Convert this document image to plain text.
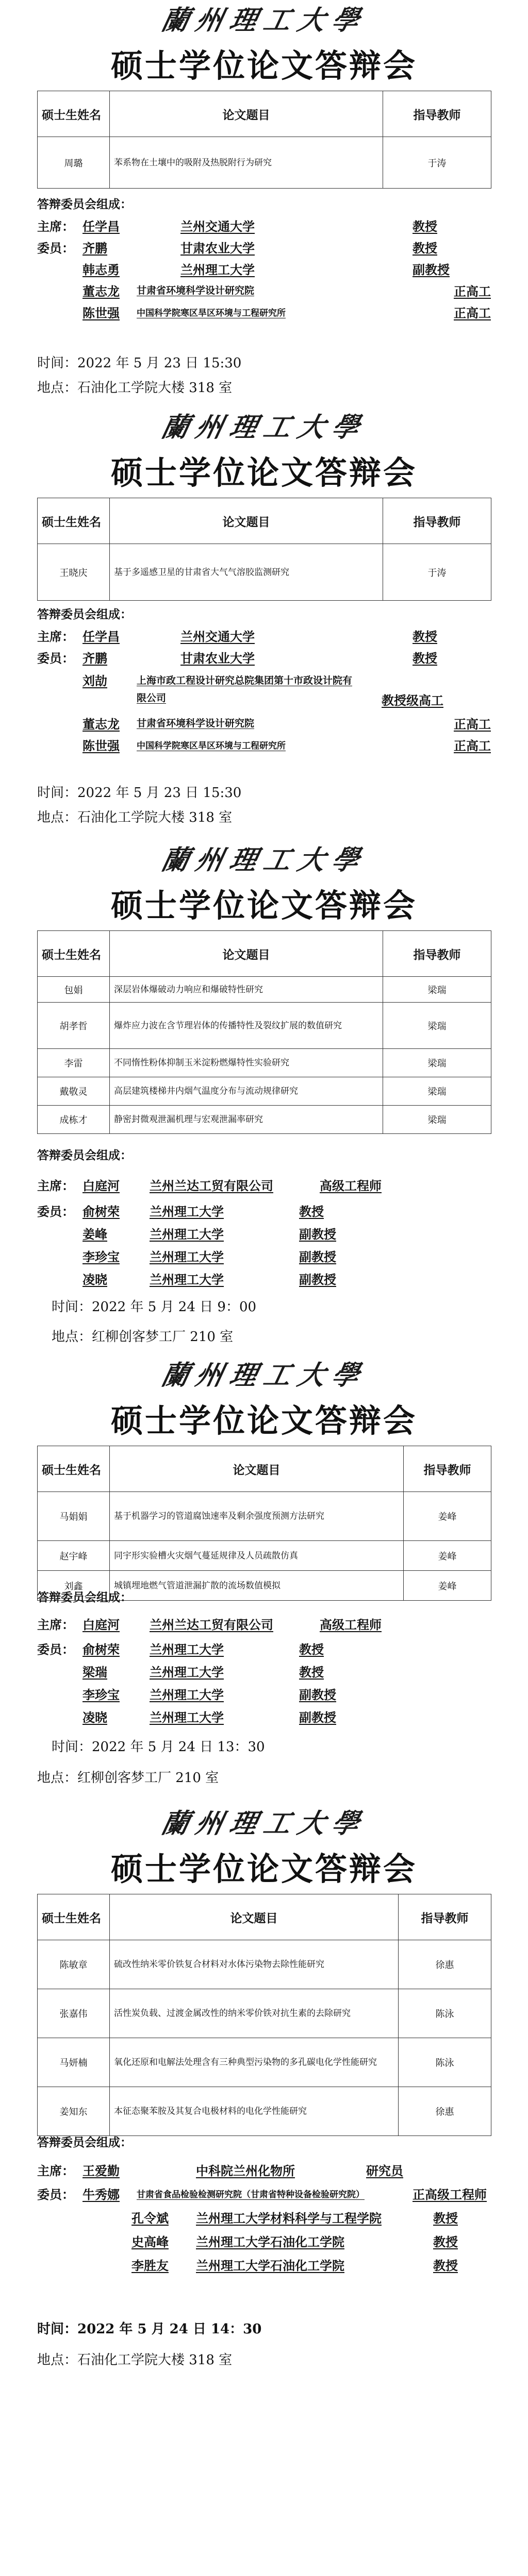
蘭州理工大學
硕士学位论文答辩会
硕士生姓名	论文题目	指导教师
周璐	苯系物在土壤中的吸附及热脱附行为研究	于涛
答辩委员会组成：
主席： 任学昌	兰州交通大学	教授
委员： 齐鹏	甘肃农业大学	教授
韩志勇	兰州理工大学	副教授
董志龙 甘肃省环境科学设计研究院	正高工
陈世强 中国科学院寒区旱区环境与工程研究所	正高工
时间：2022 年 5 月 23 日 15:30
地点：石油化工学院大楼 318 室
蘭州理工大學
硕士学位论文答辩会
硕士生姓名	论文题目	指导教师
王晓庆	基于多遥感卫星的甘肃省大气气溶胶监测研究	于涛
答辩委员会组成：
主席： 任学昌	兰州交通大学	教授
委员： 齐鹏	甘肃农业大学	教授
刘劼	上海市政工程设计研究总院集团第十市政设计院有限公司	教授级高工
董志龙 甘肃省环境科学设计研究院	正高工
陈世强 中国科学院寒区旱区环境与工程研究所	正高工
时间：2022 年 5 月 23 日 15:30
地点：石油化工学院大楼 318 室
蘭州理工大學
硕士学位论文答辩会
硕士生姓名	论文题目	指导教师
包娟	深层岩体爆破动力响应和爆破特性研究	梁瑞
胡孝哲	爆炸应力波在含节理岩体的传播特性及裂纹扩展的数值研究	梁瑞
李雷	不同惰性粉体抑制玉米淀粉燃爆特性实验研究	梁瑞
戴敬灵	高层建筑楼梯井内烟气温度分布与流动规律研究	梁瑞
成栋才	静密封微观泄漏机理与宏观泄漏率研究	梁瑞
答辩委员会组成：
主席： 白庭河 兰州兰达工贸有限公司	高级工程师
委员： 俞树荣 兰州理工大学	教授
姜峰	兰州理工大学	副教授
李珍宝 兰州理工大学	副教授
凌晓	兰州理工大学	副教授
时间：2022 年 5 月 24 日 9：00
地点：红柳创客梦工厂 210 室
蘭州理工大學
硕士学位论文答辩会
硕士生姓名	论文题目	指导教师
马娟娟	基于机器学习的管道腐蚀速率及剩余强度预测方法研究	姜峰
赵宇峰	同宇形实验槽火灾烟气蔓延规律及人员疏散仿真	姜峰
刘鑫	城镇埋地燃气管道泄漏扩散的流场数值模拟	姜峰
答辩委员会组成：
主席： 白庭河 兰州兰达工贸有限公司	高级工程师
委员： 俞树荣 兰州理工大学	教授
梁瑞	兰州理工大学	教授
李珍宝 兰州理工大学	副教授
凌晓	兰州理工大学	副教授
时间：2022 年 5 月 24 日 13：30
地点：红柳创客梦工厂 210 室
蘭州理工大學
硕士学位论文答辩会
硕士生姓名	论文题目	指导教师
陈敏章	硫改性纳米零价铁复合材料对水体污染物去除性能研究	徐惠
张嘉伟	活性炭负载、过渡金属改性的纳米零价铁对抗生素的去除研究	陈泳
马妍楠	氧化还原和电解法处理含有三种典型污染物的多孔碳电化学性能研究	陈泳
姜知东	本征态聚苯胺及其复合电极材料的电化学性能研究	徐惠
答辩委员会组成：
主席： 王爱勤	中科院兰州化物所	研究员
委员： 牛秀娜 甘肃省食品检验检测研究院（甘肃省特种设备检验研究院）	正高级工程师
孔令斌 兰州理工大学材料科学与工程学院	教授
史高峰 兰州理工大学石油化工学院	教授
李胜友 兰州理工大学石油化工学院	教授
时间：2022 年 5 月 24 日 14：30
地点：石油化工学院大楼 318 室
